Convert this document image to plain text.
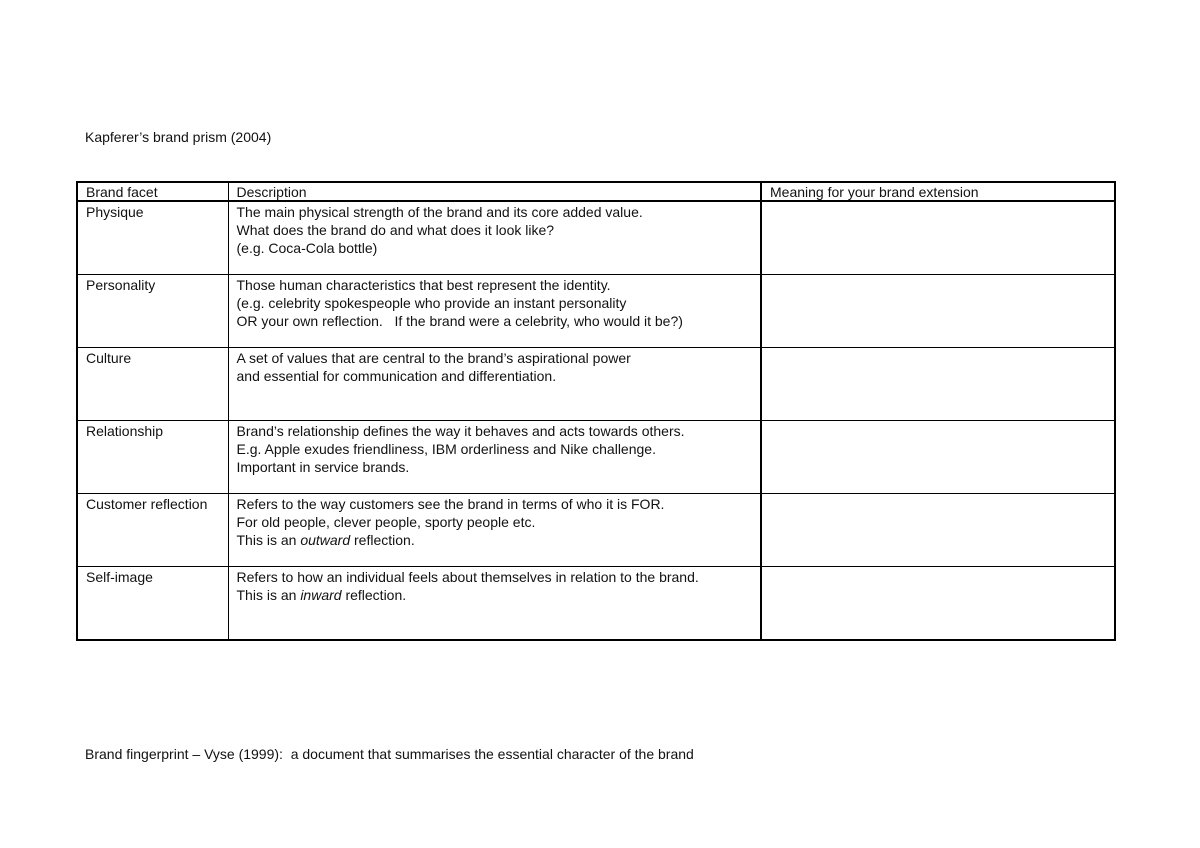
Kapferer’s brand prism (2004)
Brand facet	Description	Meaning for your brand extension
Physique	The main physical strength of the brand and its core added value.
What does the brand do and what does it look like?
(e.g. Coca-Cola bottle)	

Personality	Those human characteristics that best represent the identity.
(e.g. celebrity spokespeople who provide an instant personality
OR your own reflection.   If the brand were a celebrity, who would it be?)	

Culture	A set of values that are central to the brand’s aspirational power
and essential for communication and differentiation.	

Relationship	Brand’s relationship defines the way it behaves and acts towards others.
E.g. Apple exudes friendliness, IBM orderliness and Nike challenge.
Important in service brands.	

Customer reflection	Refers to the way customers see the brand in terms of who it is FOR.
For old people, clever people, sporty people etc.
This is an outward reflection.	

Self-image	Refers to how an individual feels about themselves in relation to the brand.
This is an inward reflection.	

Brand fingerprint – Vyse (1999):  a document that summarises the essential character of the brand
